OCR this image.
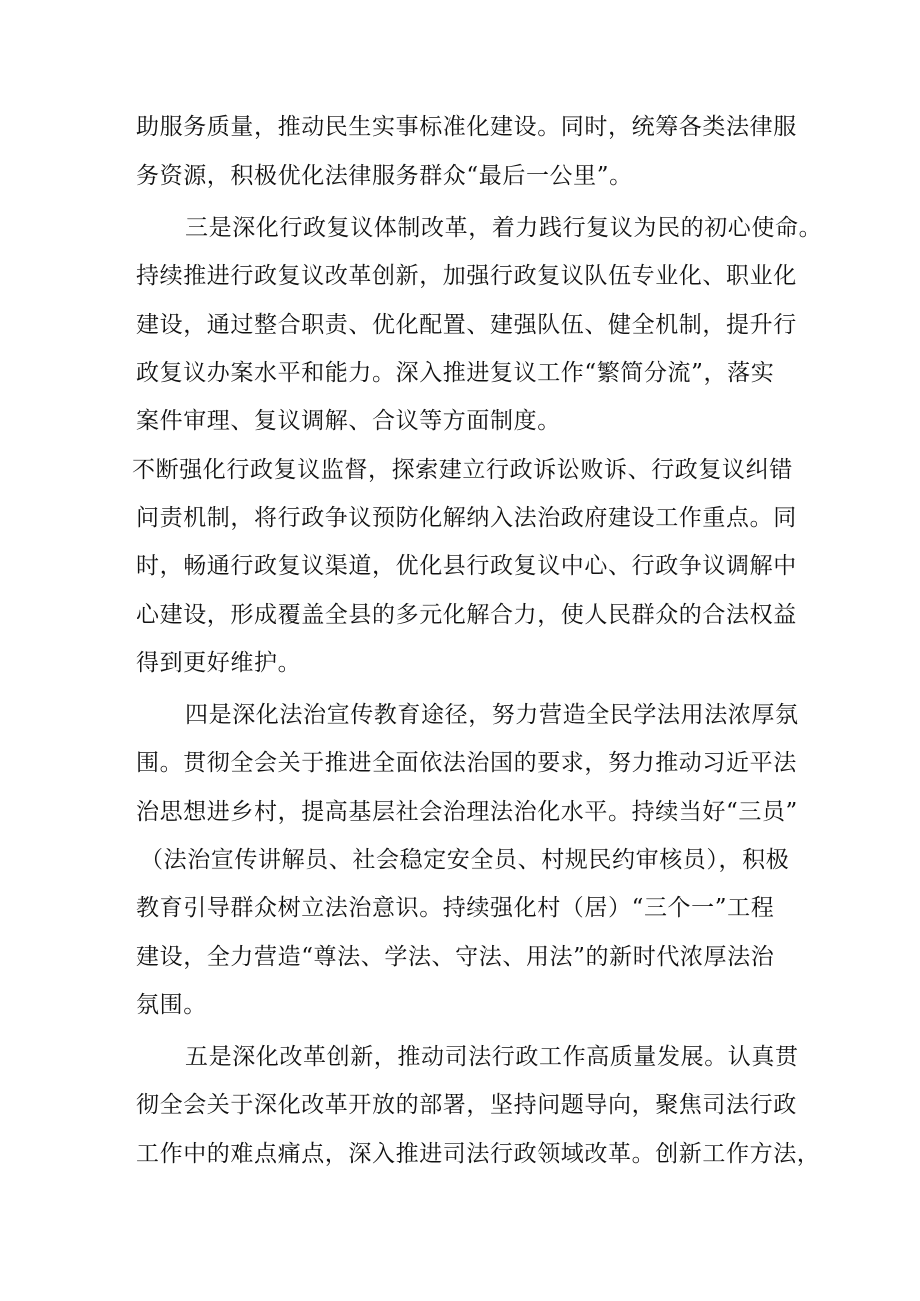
助服务质量，推动民生实事标准化建设。同时，统筹各类法律服
务资源，积极优化法律服务群众“最后一公里”。
三是深化行政复议体制改革，着力践行复议为民的初心使命。
持续推进行政复议改革创新，加强行政复议队伍专业化、职业化
建设，通过整合职责、优化配置、建强队伍、健全机制，提升行
政复议办案水平和能力。深入推进复议工作“繁简分流”，落实
案件审理、复议调解、合议等方面制度。
不断强化行政复议监督，探索建立行政诉讼败诉、行政复议纠错
问责机制，将行政争议预防化解纳入法治政府建设工作重点。同
时，畅通行政复议渠道，优化县行政复议中心、行政争议调解中
心建设，形成覆盖全县的多元化解合力，使人民群众的合法权益
得到更好维护。
四是深化法治宣传教育途径，努力营造全民学法用法浓厚氛
围。贯彻全会关于推进全面依法治国的要求，努力推动习近平法
治思想进乡村，提高基层社会治理法治化水平。持续当好“三员”
（法治宣传讲解员、社会稳定安全员、村规民约审核员），积极
教育引导群众树立法治意识。持续强化村（居）“三个一”工程
建设，全力营造“尊法、学法、守法、用法”的新时代浓厚法治
氛围。
五是深化改革创新，推动司法行政工作高质量发展。认真贯
彻全会关于深化改革开放的部署，坚持问题导向，聚焦司法行政
工作中的难点痛点，深入推进司法行政领域改革。创新工作方法，
